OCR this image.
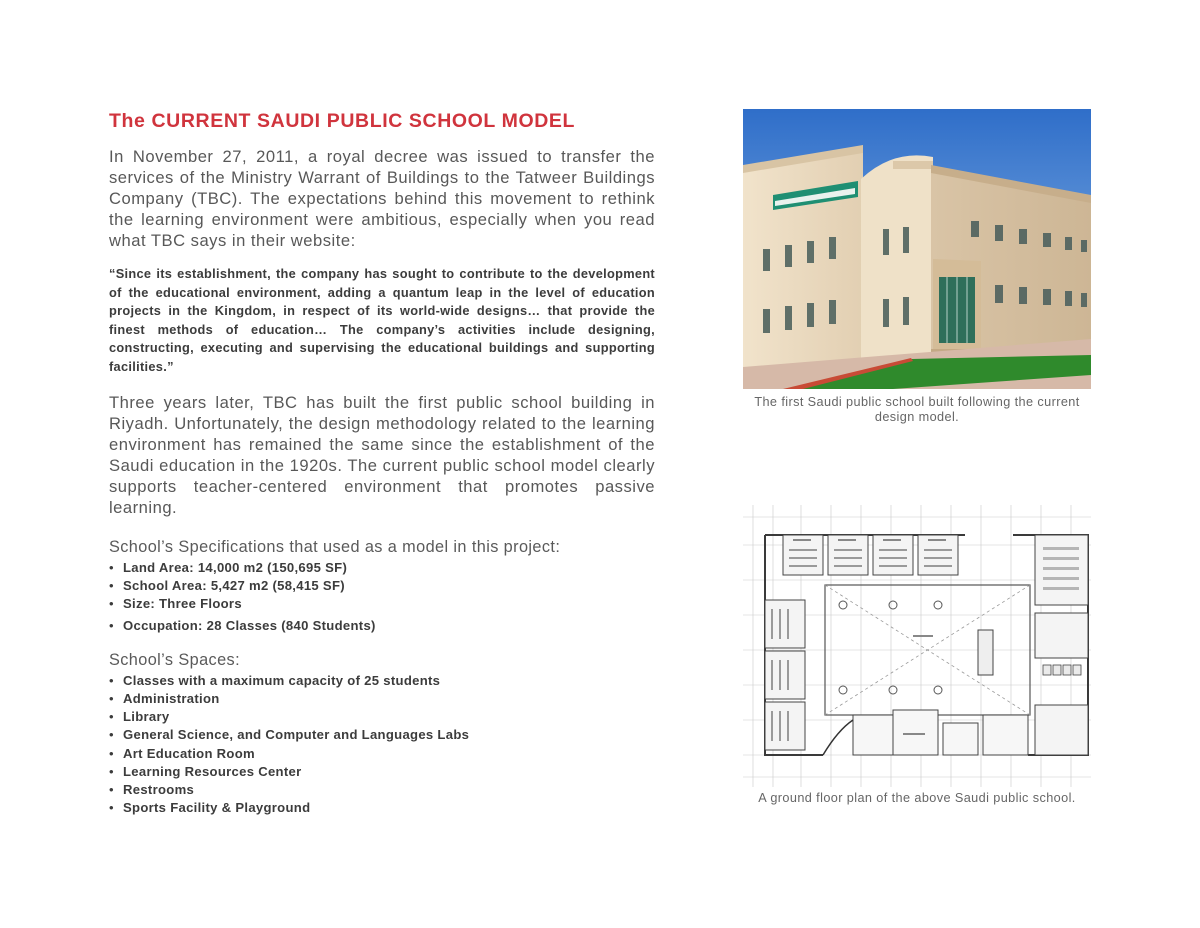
The CURRENT SAUDI PUBLIC SCHOOL MODEL

In November 27, 2011, a royal decree was issued to transfer the services of the Ministry Warrant of Buildings to the Tatweer Buildings Company (TBC). The expectations behind this movement to rethink the learning environment were ambitious, especially when you read what TBC says in their website:

“Since its establishment, the company has sought to contribute to the development of the educational environment, adding a quantum leap in the level of education projects in the Kingdom, in respect of its world-wide designs… that provide the finest methods of education… The company’s activities include designing, constructing, executing and supervising the educational buildings and supporting facilities.”

Three years later, TBC has built the first public school building in Riyadh. Unfortunately, the design methodology related to the learning environment has remained the same since the establishment of the Saudi education in the 1920s. The current public school model clearly supports teacher-centered environment that promotes passive learning.

School’s Specifications that used as a model in this project:

• Land Area: 14,000 m2 (150,695 SF)
• School Area: 5,427 m2 (58,415 SF)
• Size: Three Floors
• Occupation: 28 Classes (840 Students)

School’s Spaces:

• Classes with a maximum capacity of 25 students
• Administration
• Library
• General Science, and Computer and Languages Labs
• Art Education Room
• Learning Resources Center
• Restrooms
• Sports Facility & Playground
The first Saudi public school built following the current design model.
A ground floor plan of the above Saudi public school.
